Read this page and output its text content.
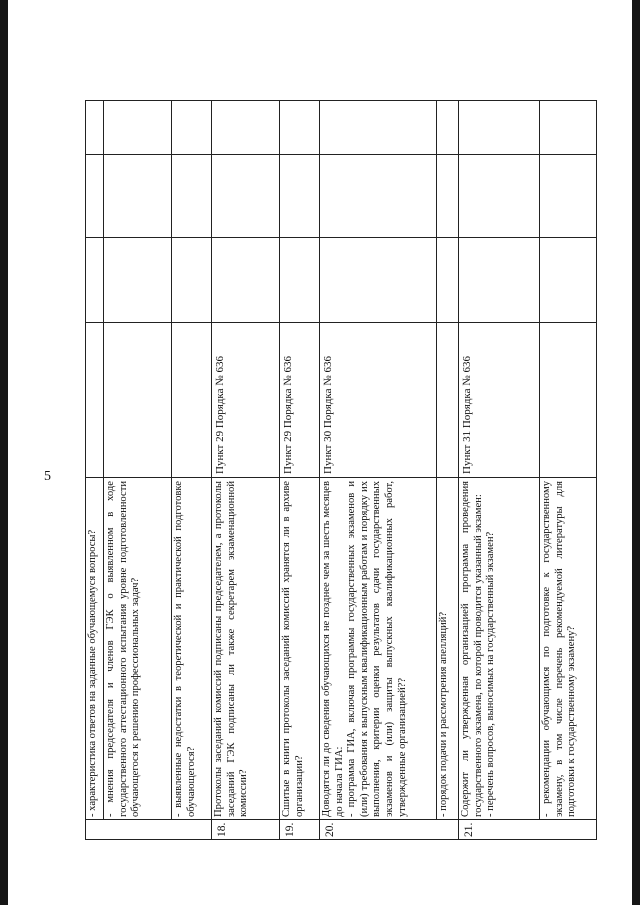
5

- характеристика ответов на заданные обучающемуся вопросы? - мнения председателя и членов ГЭК о выявленном в ходе государственного аттестационного испытания уровне подготовленности обучающегося к решению профессиональных задач?	- выявленные недостатки в теоретической и практической подготовке обучающегося?

18.

Протоколы заседаний комиссий подписаны председателем, а протоколы заседаний ГЭК подписаны ли также секретарем экзаменационной комиссии?

Пункт 29 Порядка № 636
19.

Сшитые в книги протоколы заседаний комиссий хранятся ли в архиве организации?

Пункт 29 Порядка № 636
20.

Доводятся ли до сведения обучающихся не позднее чем за шесть месяцев до начала ГИА: - программа ГИА, включая программы государственных экзаменов и (или) требования к выпускным квалификационным работам и порядку их выполнения, критерии оценки результатов сдачи государственных экзаменов и (или) защиты выпускных квалификационных работ, утвержденные организацией??

Пункт 30 Порядка № 636

- порядок подачи и рассмотрения апелляций?

21.

Содержит ли утвержденная организацией программа проведения государственного экзамена, по которой проводится указанный экзамен: - перечень вопросов, выносимых на государственный экзамен?

Пункт 31 Порядка № 636

- рекомендации обучающимся по подготовке к государственному экзамену, в том числе перечень рекомендуемой литературы для подготовки к государственному экзамену?
